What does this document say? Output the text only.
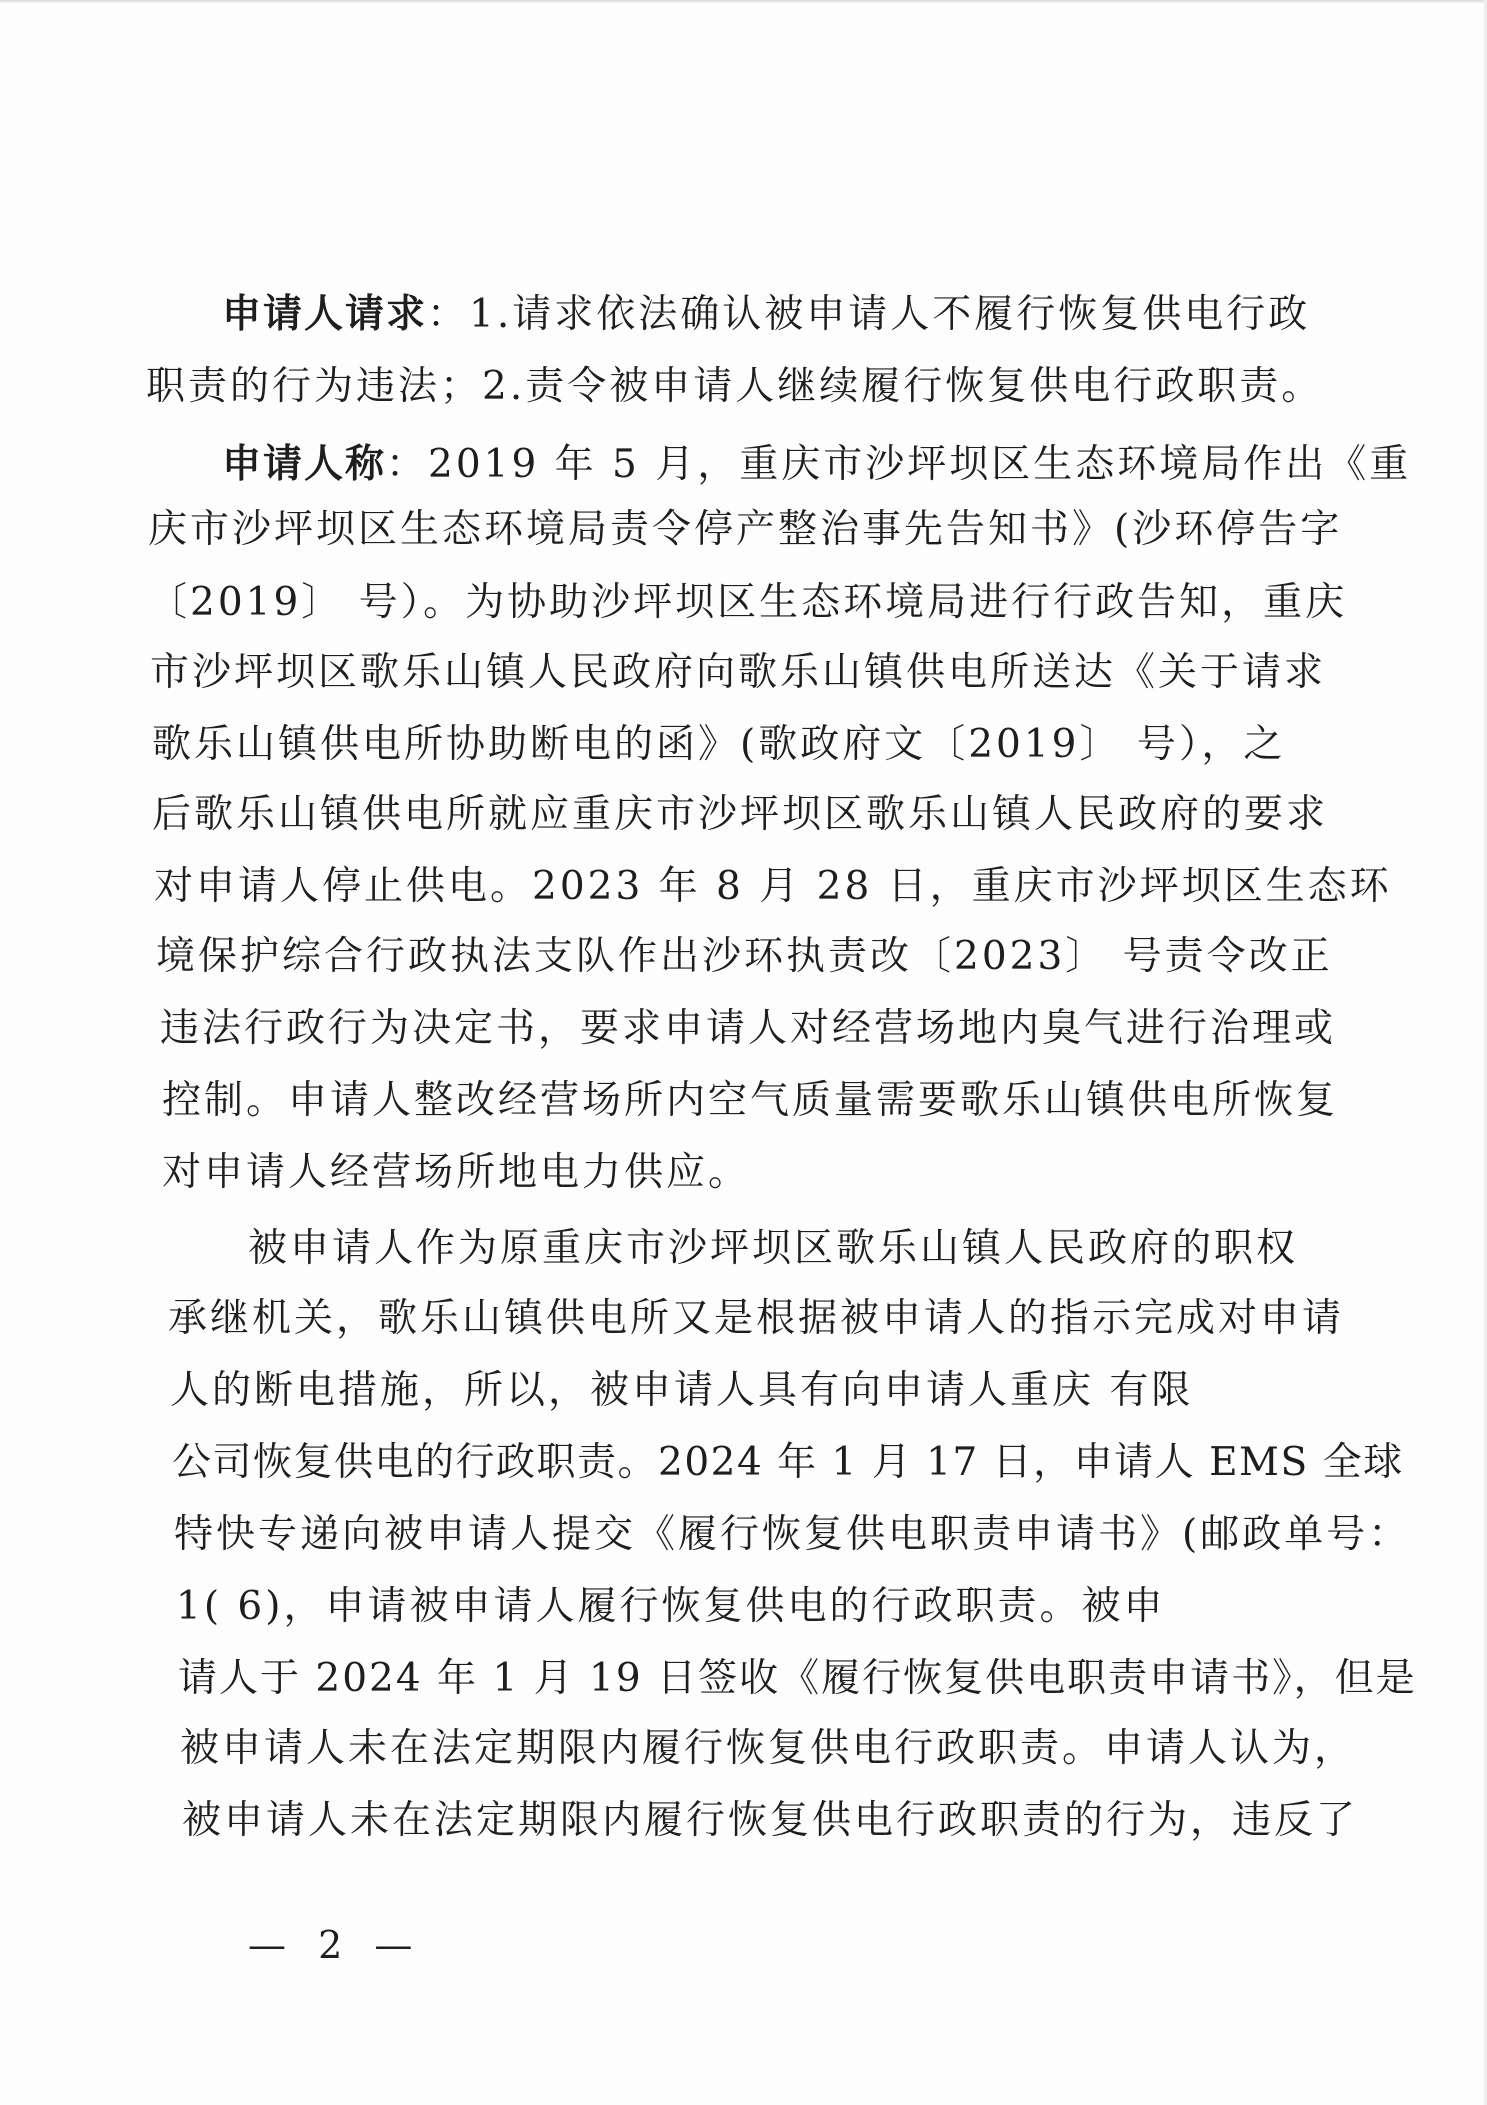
申请人请求：1.请求依法确认被申请人不履行恢复供电行政
职责的行为违法；2.责令被申请人继续履行恢复供电行政职责。
申请人称：2019 年 5 月，重庆市沙坪坝区生态环境局作出《重
庆市沙坪坝区生态环境局责令停产整治事先告知书》(沙环停告字
〔2019〕 号）。为协助沙坪坝区生态环境局进行行政告知，重庆
市沙坪坝区歌乐山镇人民政府向歌乐山镇供电所送达《关于请求
歌乐山镇供电所协助断电的函》(歌政府文〔2019〕 号），之
后歌乐山镇供电所就应重庆市沙坪坝区歌乐山镇人民政府的要求
对申请人停止供电。2023 年 8 月 28 日，重庆市沙坪坝区生态环
境保护综合行政执法支队作出沙环执责改〔2023〕 号责令改正
违法行政行为决定书，要求申请人对经营场地内臭气进行治理或
控制。申请人整改经营场所内空气质量需要歌乐山镇供电所恢复
对申请人经营场所地电力供应。
被申请人作为原重庆市沙坪坝区歌乐山镇人民政府的职权
承继机关，歌乐山镇供电所又是根据被申请人的指示完成对申请
人的断电措施，所以，被申请人具有向申请人重庆 有限
公司恢复供电的行政职责。2024 年 1 月 17 日，申请人 EMS 全球
特快专递向被申请人提交《履行恢复供电职责申请书》(邮政单号：
1( 6)，申请被申请人履行恢复供电的行政职责。被申
请人于 2024 年 1 月 19 日签收《履行恢复供电职责申请书》，但是
被申请人未在法定期限内履行恢复供电行政职责。申请人认为，
被申请人未在法定期限内履行恢复供电行政职责的行为，违反了
— 2 —
